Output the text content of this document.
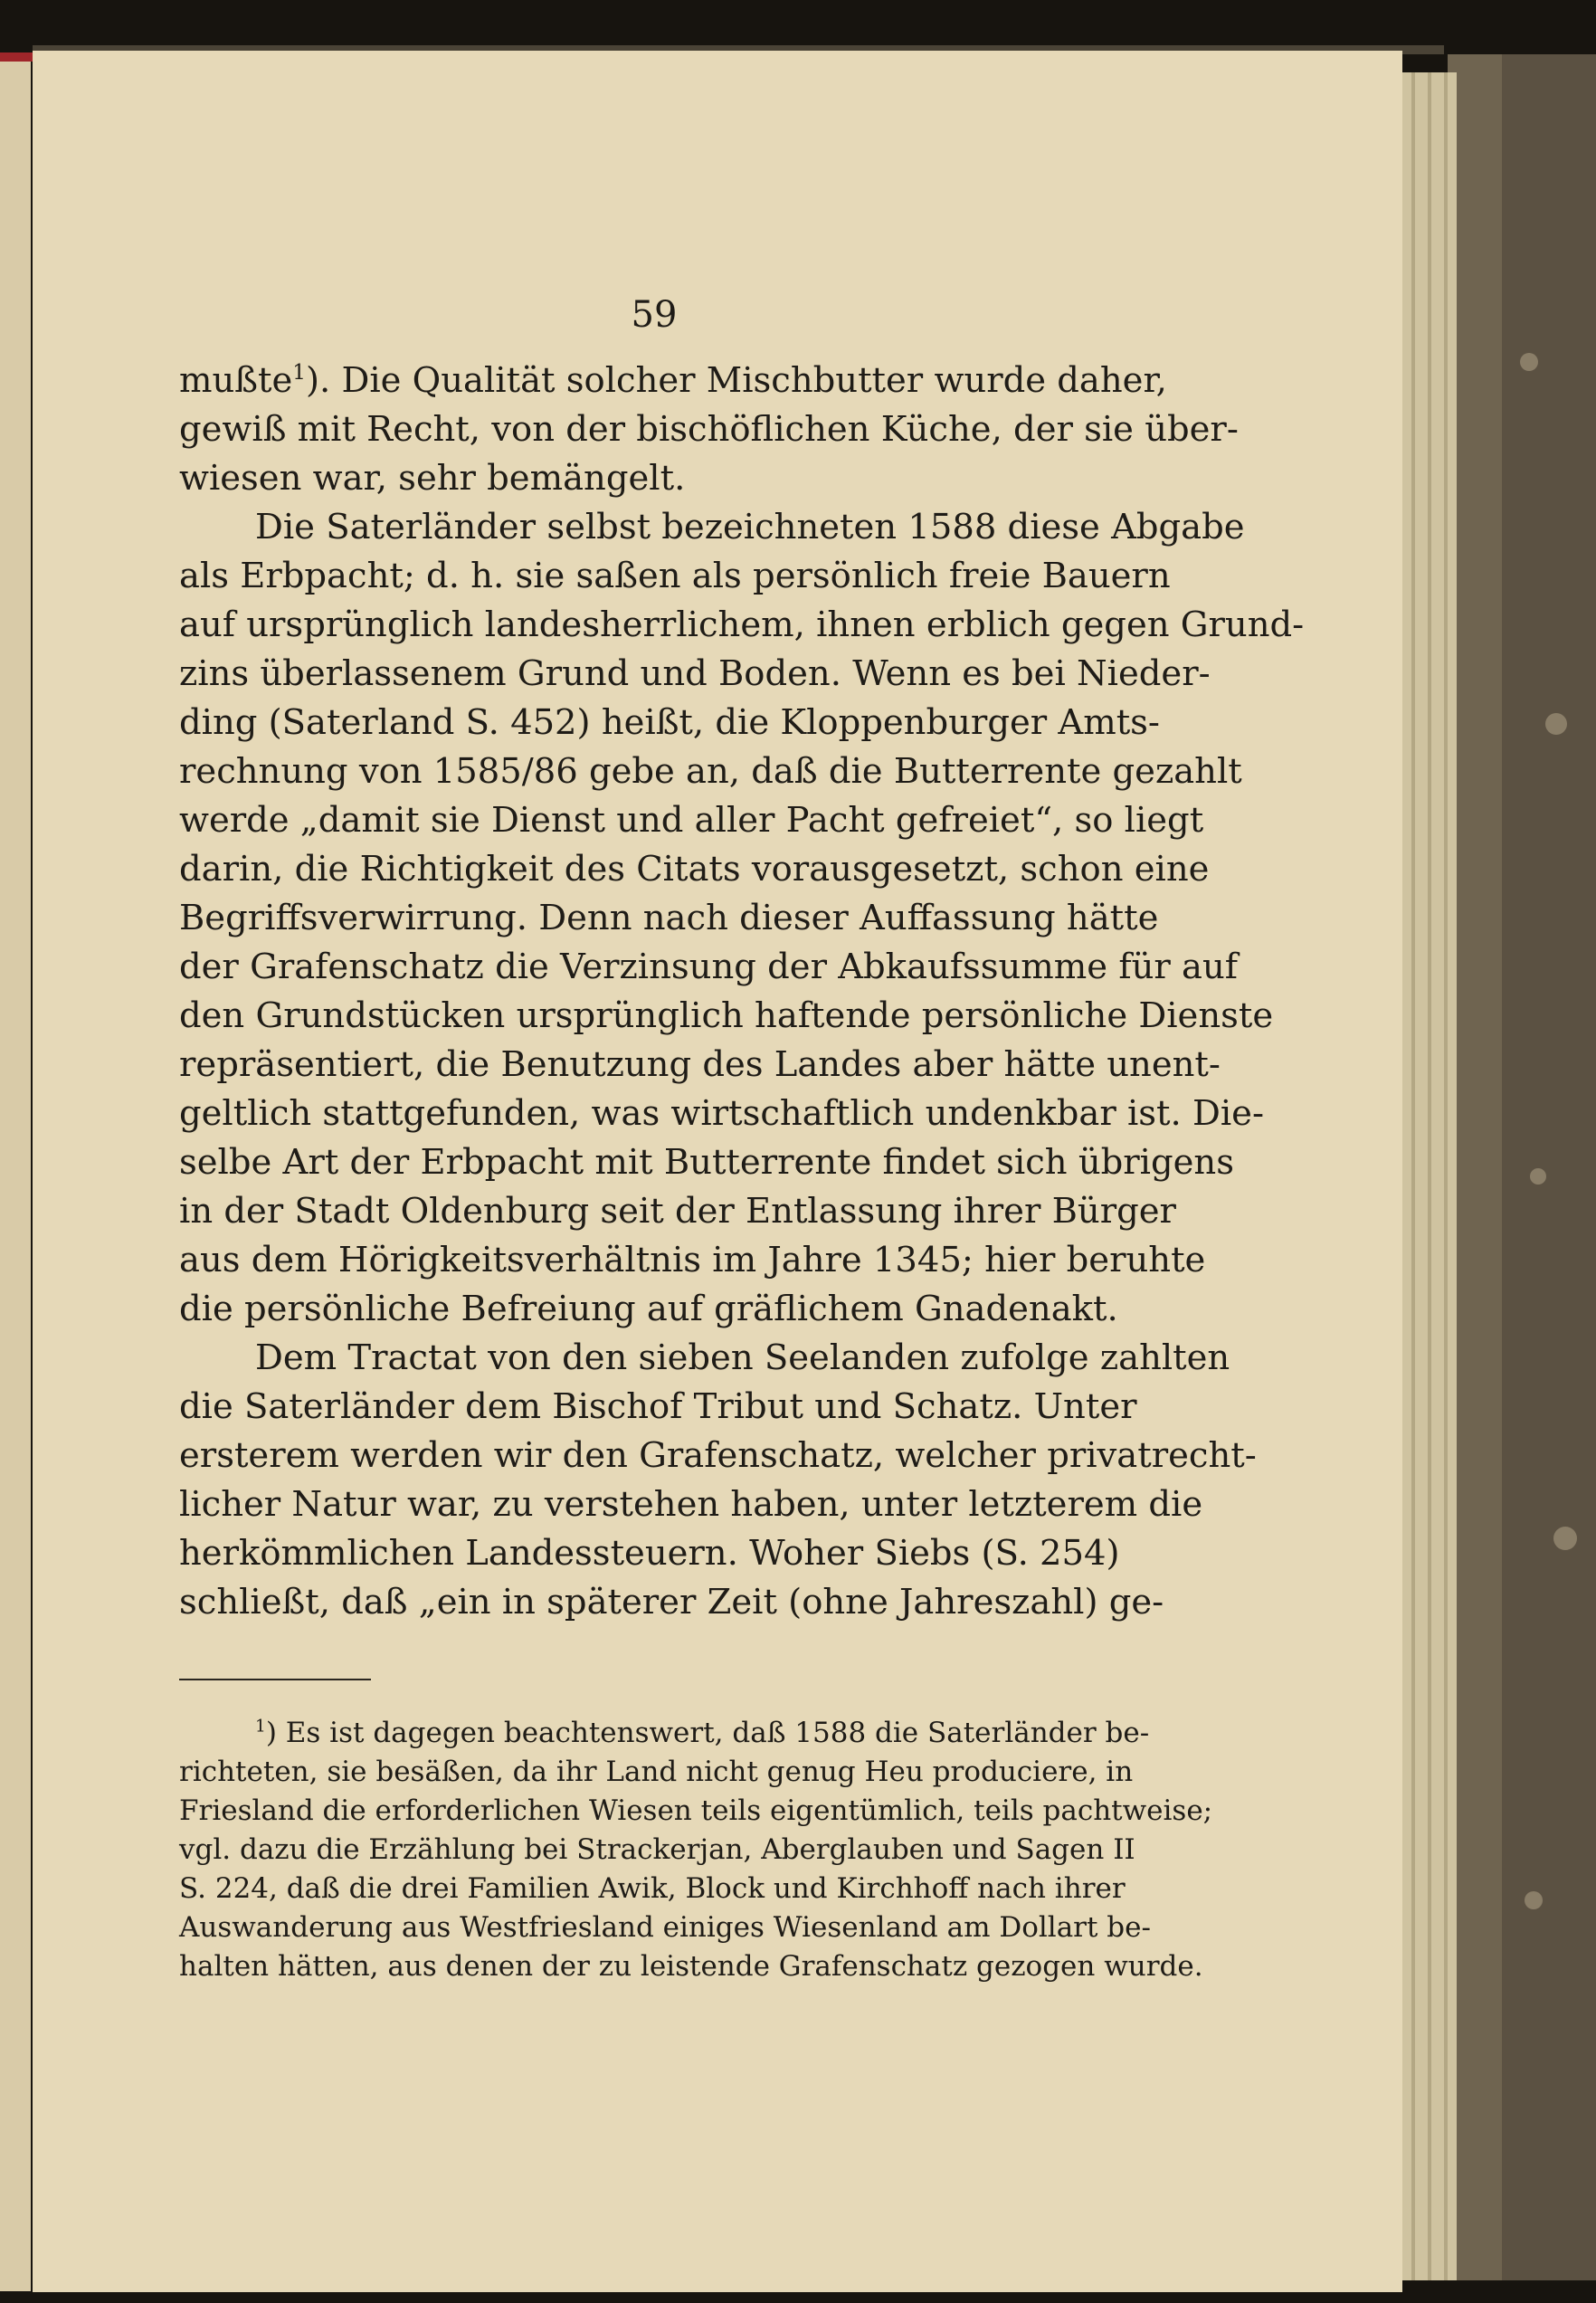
59
mußte$^1$). Die Qualität solcher Mischbutter wurde daher,
gewiß mit Recht, von der bischöflichen Küche, der sie über-
wiesen war, sehr bemängelt.
Die Saterländer selbst bezeichneten 1588 diese Abgabe
als Erbpacht; d. h. sie saßen als persönlich freie Bauern
auf ursprünglich landesherrlichem, ihnen erblich gegen Grund-
zins überlassenem Grund und Boden. Wenn es bei Nieder-
ding (Saterland S. 452) heißt, die Kloppenburger Amts-
rechnung von 1585/86 gebe an, daß die Butterrente gezahlt
werde „damit sie Dienst und aller Pacht gefreiet“, so liegt
darin, die Richtigkeit des Citats vorausgesetzt, schon eine
Begriffsverwirrung. Denn nach dieser Auffassung hätte
der Grafenschatz die Verzinsung der Abkaufssumme für auf
den Grundstücken ursprünglich haftende persönliche Dienste
repräsentiert, die Benutzung des Landes aber hätte unent-
geltlich stattgefunden, was wirtschaftlich undenkbar ist. Die-
selbe Art der Erbpacht mit Butterrente findet sich übrigens
in der Stadt Oldenburg seit der Entlassung ihrer Bürger
aus dem Hörigkeitsverhältnis im Jahre 1345; hier beruhte
die persönliche Befreiung auf gräflichem Gnadenakt.
Dem Tractat von den sieben Seelanden zufolge zahlten
die Saterländer dem Bischof Tribut und Schatz. Unter
ersterem werden wir den Grafenschatz, welcher privatrecht-
licher Natur war, zu verstehen haben, unter letzterem die
herkömmlichen Landessteuern. Woher Siebs (S. 254)
schließt, daß „ein in späterer Zeit (ohne Jahreszahl) ge-
$^1$) Es ist dagegen beachtenswert, daß 1588 die Saterländer be-
richteten, sie besäßen, da ihr Land nicht genug Heu produciere, in
Friesland die erforderlichen Wiesen teils eigentümlich, teils pachtweise;
vgl. dazu die Erzählung bei Strackerjan, Aberglauben und Sagen II
S. 224, daß die drei Familien Awik, Block und Kirchhoff nach ihrer
Auswanderung aus Westfriesland einiges Wiesenland am Dollart be-
halten hätten, aus denen der zu leistende Grafenschatz gezogen wurde.
